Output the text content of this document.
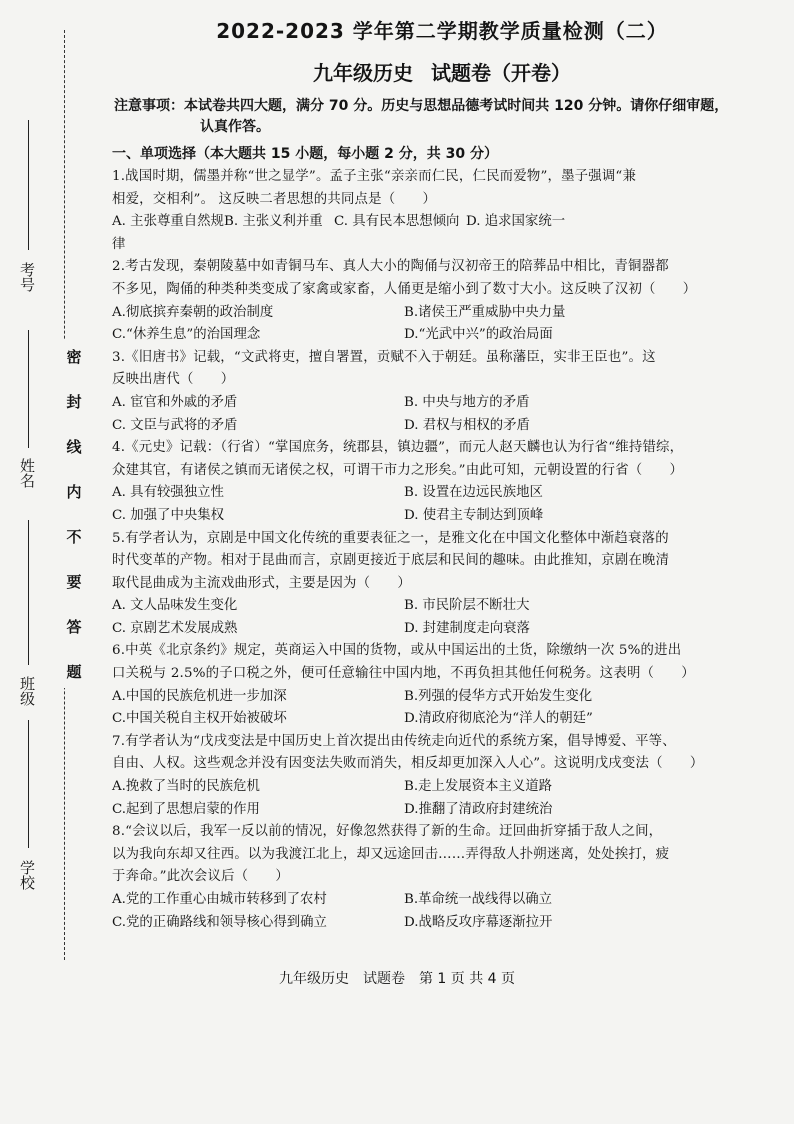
考号
姓名
班级
学校
密
封
线
内
不
要
答
题
2022-2023 学年第二学期教学质量检测（二）
九年级历史 试题卷（开卷）
注意事项：本试卷共四大题，满分 70 分。历史与思想品德考试时间共 120 分钟。请你仔细审题，
认真作答。
一、单项选择（本大题共 15 小题，每小题 2 分，共 30 分）
1.战国时期，儒墨并称“世之显学”。孟子主张“亲亲而仁民，仁民而爱物”，墨子强调“兼
相爱，交相利”。 这反映二者思想的共同点是（　　）
A. 主张尊重自然规律
B. 主张义利并重 C. 具有民本思想倾向 D. 追求国家统一
2.考古发现，秦朝陵墓中如青铜马车、真人大小的陶俑与汉初帝王的陪葬品中相比，青铜器都
不多见，陶俑的种类种类变成了家禽或家畜，人俑更是缩小到了数寸大小。这反映了汉初（　　）
A.彻底摈弃秦朝的政治制度	B.诸侯王严重威胁中央力量
C.“休养生息”的治国理念	D.“光武中兴”的政治局面
3.《旧唐书》记载，“文武将吏，擅自署置，贡赋不入于朝廷。虽称藩臣，实非王臣也”。这
反映出唐代（　　）
A. 宦官和外戚的矛盾	B. 中央与地方的矛盾
C. 文臣与武将的矛盾	D. 君权与相权的矛盾
4.《元史》记载：（行省）“掌国庶务，统郡县，镇边疆”，而元人赵天麟也认为行省“维持错综，
众建其官，有诸侯之镇而无诸侯之权，可谓干市力之形矣。”由此可知，元朝设置的行省（　　）
A. 具有较强独立性	B. 设置在边远民族地区
C. 加强了中央集权	D. 使君主专制达到顶峰
5.有学者认为，京剧是中国文化传统的重要表征之一，是雅文化在中国文化整体中渐趋衰落的
时代变革的产物。相对于昆曲而言，京剧更接近于底层和民间的趣味。由此推知，京剧在晚清
取代昆曲成为主流戏曲形式，主要是因为（　　）
A. 文人品味发生变化	B. 市民阶层不断壮大
C. 京剧艺术发展成熟	D. 封建制度走向衰落
6.中英《北京条约》规定，英商运入中国的货物，或从中国运出的土货，除缴纳一次 5%的进出
口关税与 2.5%的子口税之外，便可任意输往中国内地，不再负担其他任何税务。这表明（　　）
A.中国的民族危机进一步加深	B.列强的侵华方式开始发生变化
C.中国关税自主权开始被破坏	D.清政府彻底沦为“洋人的朝廷”
7.有学者认为“戊戌变法是中国历史上首次提出由传统走向近代的系统方案，倡导博爱、平等、
自由、人权。这些观念并没有因变法失败而消失，相反却更加深入人心”。这说明戊戌变法（　　）
A.挽救了当时的民族危机	B.走上发展资本主义道路
C.起到了思想启蒙的作用	D.推翻了清政府封建统治
8.“会议以后，我军一反以前的情况，好像忽然获得了新的生命。迂回曲折穿插于敌人之间，
以为我向东却又往西。以为我渡江北上，却又远途回击……弄得敌人扑朔迷离，处处挨打，疲
于奔命。”此次会议后（　　）
A.党的工作重心由城市转移到了农村	B.革命统一战线得以确立
C.党的正确路线和领导核心得到确立	D.战略反攻序幕逐渐拉开
九年级历史 试题卷 第 1 页 共 4 页
